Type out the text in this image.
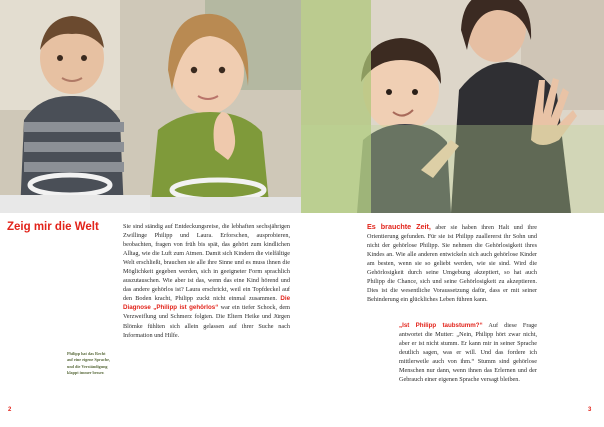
Zeig mir die Welt	Sie sind ständig auf Entdeckungsreise, die lebhaften sechsjährigen Zwillinge Philipp und Laura. Erforschen, ausprobieren, beobachten, fragen von früh bis spät, das gehört zum kindlichen Alltag, wie die Luft zum Atmen. Damit sich Kindern die vielfältige Welt erschließt, brauchen sie alle ihre Sinne und es muss ihnen die Möglichkeit gegeben werden, sich in geeigneter Form sprachlich auszutauschen. Wie aber ist das, wenn das eine Kind hörend und das andere gehörlos ist? Laura erschrickt, weil ein Topfdeckel auf den Boden kracht, Philipp zuckt nicht einmal zusammen. Die Diagnose „Philipp ist gehörlos“ war ein tiefer Schock, dem Verzweiflung und Schmerz folgten. Die Eltern Heike und Jürgen Blömke fühlten sich allein gelassen auf ihrer Suche nach Information und Hilfe.
Philipp hat das Recht
auf eine eigene Sprache,
und die Verständigung
klappt immer besser.
2
Es brauchte Zeit, aber sie haben ihren Halt und ihre Orientierung gefunden. Für sie ist Philipp zuallererst ihr Sohn und nicht der gehörlose Philipp. Sie nehmen die Gehörlosigkeit ihres Kindes an. Wie alle anderen entwickeln sich auch gehörlose Kinder am besten, wenn sie so geliebt werden, wie sie sind. Wird die Gehörlosigkeit durch seine Umgebung akzeptiert, so hat auch Philipp die Chance, sich und seine Gehörlosigkeit zu akzeptieren. Dies ist die wesentliche Voraussetzung dafür, dass er mit seiner Behinderung ein glückliches Leben führen kann.
„Ist Philipp taubstumm?“ Auf diese Frage antwortet die Mutter: „Nein, Philipp hört zwar nicht, aber er ist nicht stumm. Er kann mir in seiner Sprache deutlich sagen, was er will. Und das fordere ich mittlerweile auch von ihm.“ Stumm sind gehörlose Menschen nur dann, wenn ihnen das Erlernen und der Gebrauch einer eigenen Sprache versagt bleiben.
3
